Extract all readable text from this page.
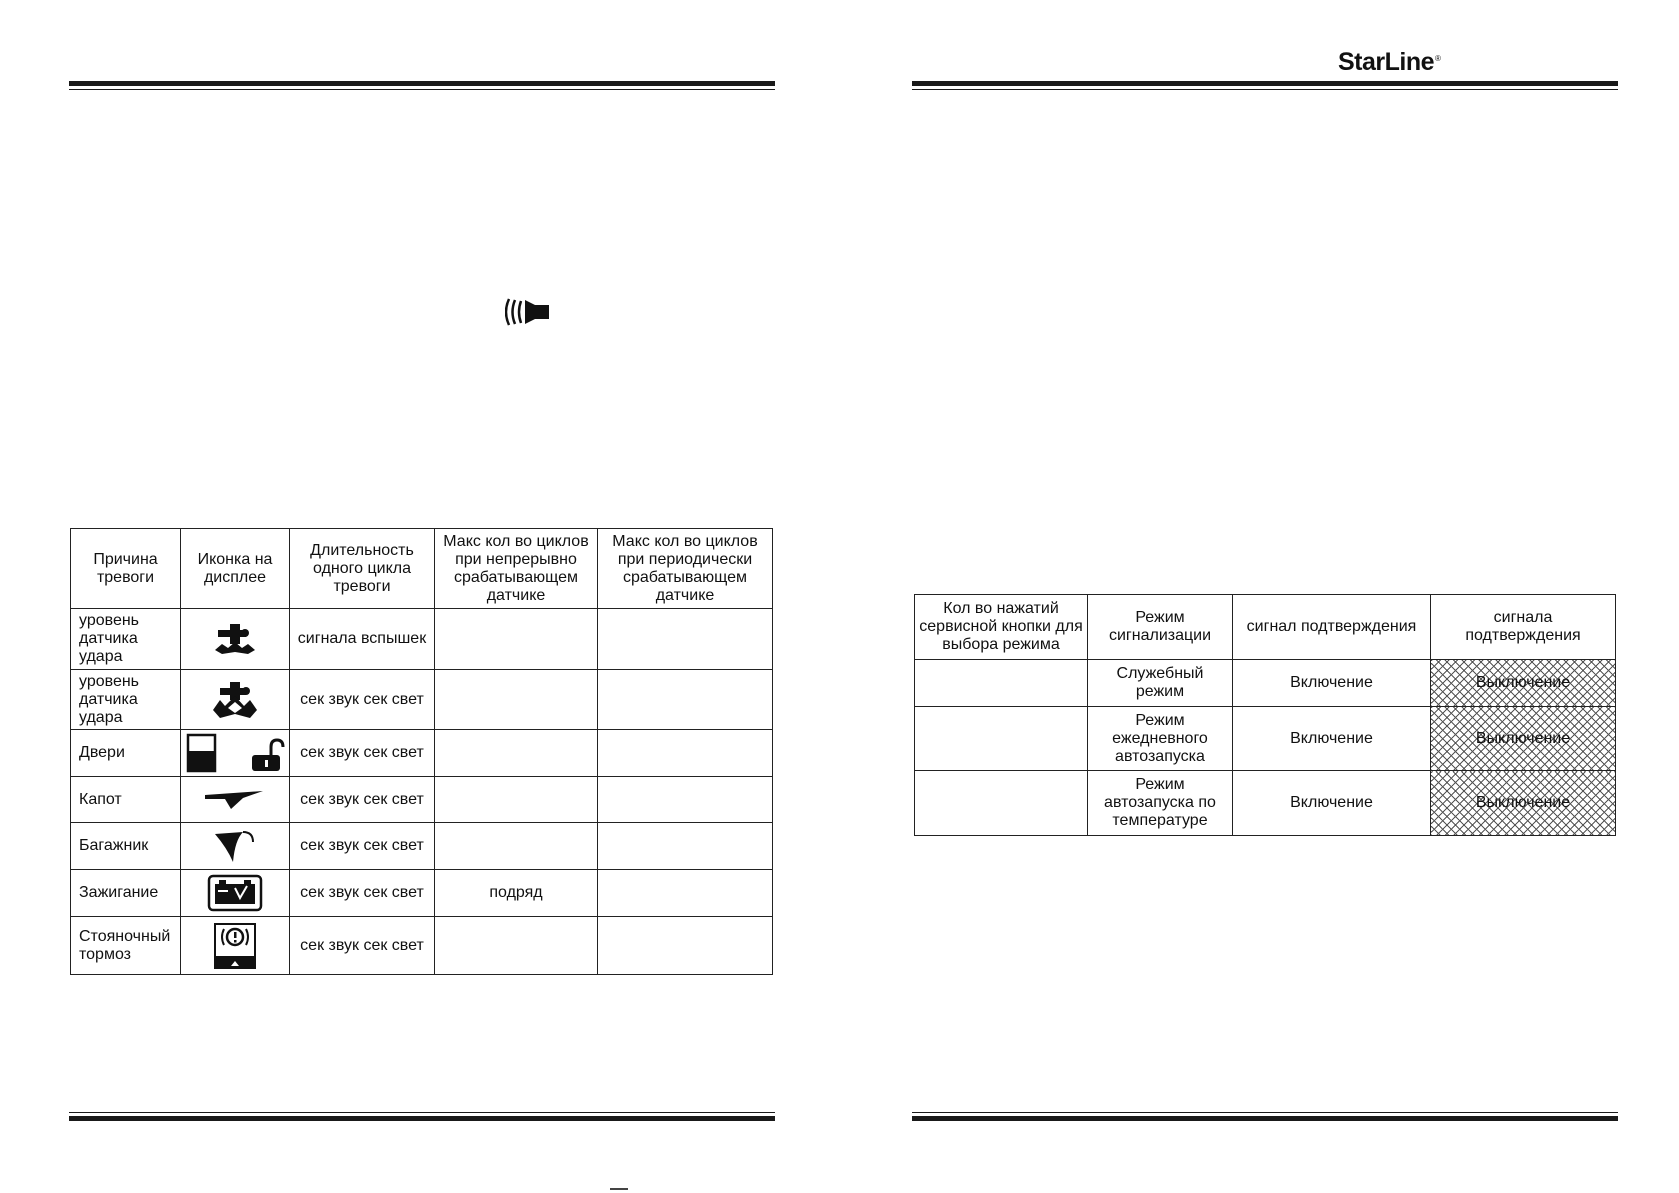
StarLine®
Причина тревоги	Иконка на дисплее	Длительность одного цикла тревоги	Макс кол во циклов при непрерывно срабатывающем датчике	Макс кол во циклов при периодически срабатывающем датчике
уровень датчика удара		сигнала вспышек		
уровень датчика удара		сек звук сек свет		
Двери		сек звук сек свет		
Капот		сек звук сек свет		
Багажник		сек звук сек свет		
Зажигание		сек звук сек свет	подряд	
Стояночный тормоз		сек звук сек свет		
Кол во нажатий сервисной кнопки для выбора режима	Режим сигнализации	сигнал подтверждения	сигнала подтверждения
	Служебный режим	Включение	Выключение
	Режим ежедневного автозапуска	Включение	Выключение
	Режим автозапуска по температуре	Включение	Выключение
